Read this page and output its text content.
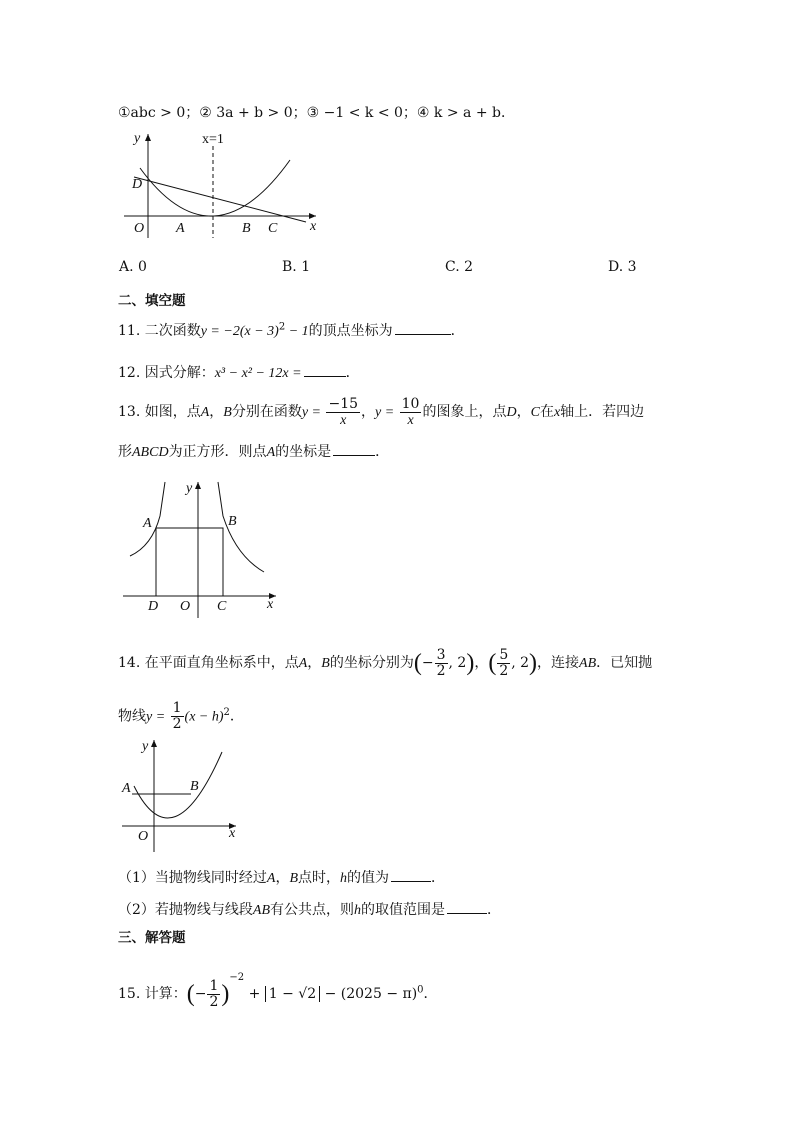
①abc > 0；② 3a + b > 0；③ −1 < k < 0；④ k > a + b．
x=1
y
x
O
D
A	B C
A. 0	B. 1	C. 2	D. 3
二、填空题
11. 二次函数$y = -2(x - 3)^2 - 1$的顶点坐标为	．
12. 因式分解：x³ − x² − 12x =	．
13. 如图，点A，B分别在函数$y = \frac{-15}{x}$ ，$y = \frac{10}{x}$ 的图象上，点D，C在x轴上．若四边
形ABCD为正方形．则点A的坐标是	．
y
x
A	B
D O C
14. 在平面直角坐标系中，点A，B的坐标分别为(− $\frac{3}{2}$ , 2)，( $\frac{5}{2}$ , 2)，连接AB．已知抛
物线$y = \frac{1}{2} (x - h)^2$．
y
x
A	B
O
（1）当抛物线同时经过A，B点时，h的值为	．
（2）若抛物线与线段AB有公共点，则h的取值范围是	．
三、解答题
15. 计算：(− $\frac{1}{2} )^{-2} + 1 - √2 - (2025 - \pi)^0$．
